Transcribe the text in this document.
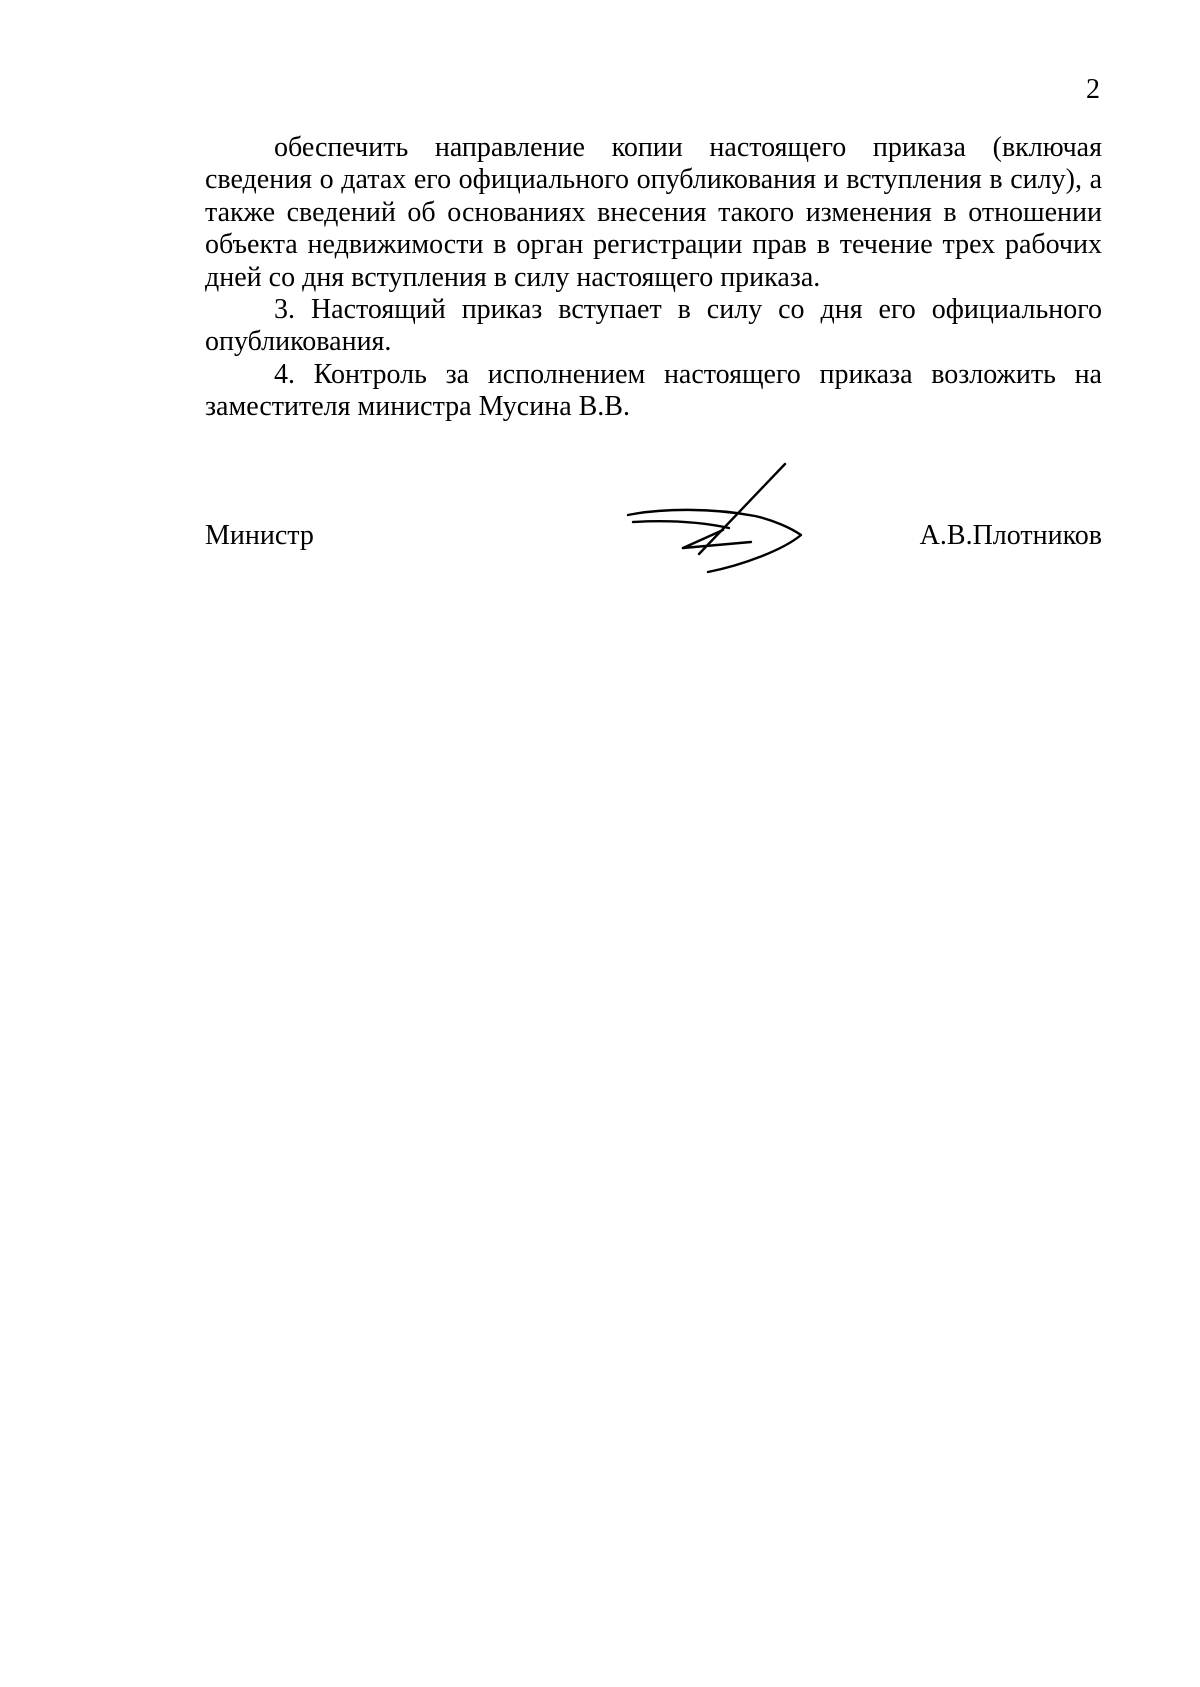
2

обеспечить направление копии настоящего приказа (включая сведения о датах его официального опубликования и вступления в силу), а также сведений об основаниях внесения такого изменения в отношении объекта недвижимости в орган регистрации прав в течение трех рабочих дней со дня вступления в силу настоящего приказа.

3. Настоящий приказ вступает в силу со дня его официального опубликования.

4. Контроль за исполнением настоящего приказа возложить на заместителя министра Мусина В.В.

Министр	А.В.Плотников
